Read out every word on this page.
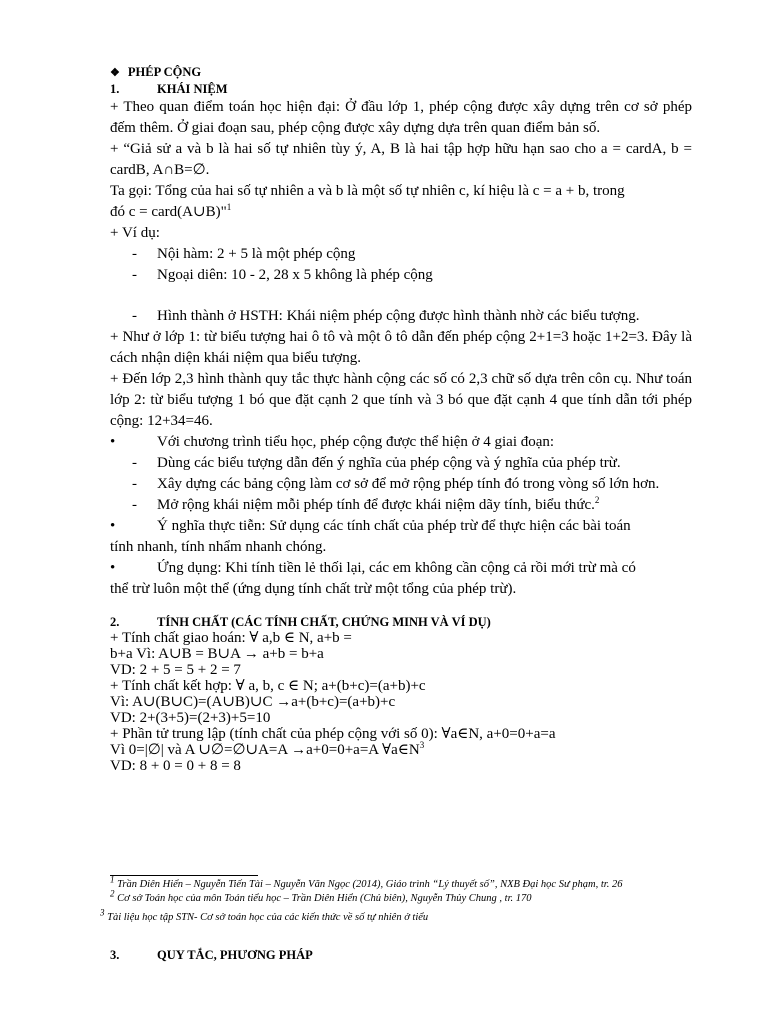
❖ PHÉP CỘNG
1.	KHÁI NIỆM
+ Theo quan điểm toán học hiện đại: Ở đầu lớp 1, phép cộng được xây dựng trên cơ sở phép đếm thêm. Ở giai đoạn sau, phép cộng được xây dựng dựa trên quan điểm bản số.
+ “Giả sử a và b là hai số tự nhiên tùy ý, A, B là hai tập hợp hữu hạn sao cho a = cardA, b = cardB, A∩B=∅.
Ta gọi: Tổng của hai số tự nhiên a và b là một số tự nhiên c, kí hiệu là c = a + b, trong
đó c = card(A∪B)"$^1$
+ Ví dụ:
-	Nội hàm: 2 + 5 là một phép cộng
-	Ngoại diên: 10 - 2, 28 x 5 không là phép cộng
-	Hình thành ở HSTH: Khái niệm phép cộng được hình thành nhờ các biểu tượng.
+ Như ở lớp 1: từ biểu tượng hai ô tô và một ô tô dẫn đến phép cộng 2+1=3 hoặc 1+2=3. Đây là cách nhận diện khái niệm qua biểu tượng.
+ Đến lớp 2,3 hình thành quy tắc thực hành cộng các số có 2,3 chữ số dựa trên côn cụ. Như toán lớp 2: từ biểu tượng 1 bó que đặt cạnh 2 que tính và 3 bó que đặt cạnh 4 que tính dẫn tới phép cộng: 12+34=46.
•	Với chương trình tiểu học, phép cộng được thể hiện ở 4 giai đoạn:
-	Dùng các biểu tượng dẫn đến ý nghĩa của phép cộng và ý nghĩa của phép trừ.
-	Xây dựng các bảng cộng làm cơ sở để mở rộng phép tính đó trong vòng số lớn hơn.
-	Mở rộng khái niệm mỗi phép tính để được khái niệm dãy tính, biểu thức.$^2$
•	Ý nghĩa thực tiễn: Sử dụng các tính chất của phép trừ để thực hiện các bài toán
tính nhanh, tính nhẩm nhanh chóng.
•	Ứng dụng: Khi tính tiền lẻ thối lại, các em không cần cộng cả rồi mới trừ mà có
thể trừ luôn một thể (ứng dụng tính chất trừ một tổng của phép trừ).
2.	TÍNH CHẤT (CÁC TÍNH CHẤT, CHỨNG MINH VÀ VÍ DỤ)
+ Tính chất giao hoán: ∀ a,b ∈ N, a+b =
b+a Vì: A∪B = B∪A → a+b = b+a
VD: 2 + 5 = 5 + 2 = 7
+ Tính chất kết hợp: ∀ a, b, c ∈ N; a+(b+c)=(a+b)+c
Vì: A∪(B∪C)=(A∪B)∪C →a+(b+c)=(a+b)+c
VD: 2+(3+5)=(2+3)+5=10
+ Phần tử trung lập (tính chất của phép cộng với số 0): ∀a∈N, a+0=0+a=a
Vì 0=|∅| và A ∪∅=∅∪A=A →a+0=0+a=A $\forall a\in N^3$
VD: 8 + 0 = 0 + 8 = 8
$^1$ Trần Diên Hiển – Nguyễn Tiến Tài – Nguyễn Văn Ngọc (2014), Giáo trình “Lý thuyết số”, NXB Đại học Sư phạm, tr. 26
$^2$ Cơ sở Toán học của môn Toán tiểu học – Trần Diên Hiển (Chủ biên), Nguyễn Thủy Chung , tr. 170
$^3$ Tài liệu học tập STN- Cơ sở toán học của các kiến thức về số tự nhiên ở tiểu
3.	QUY TẮC, PHƯƠNG PHÁP
